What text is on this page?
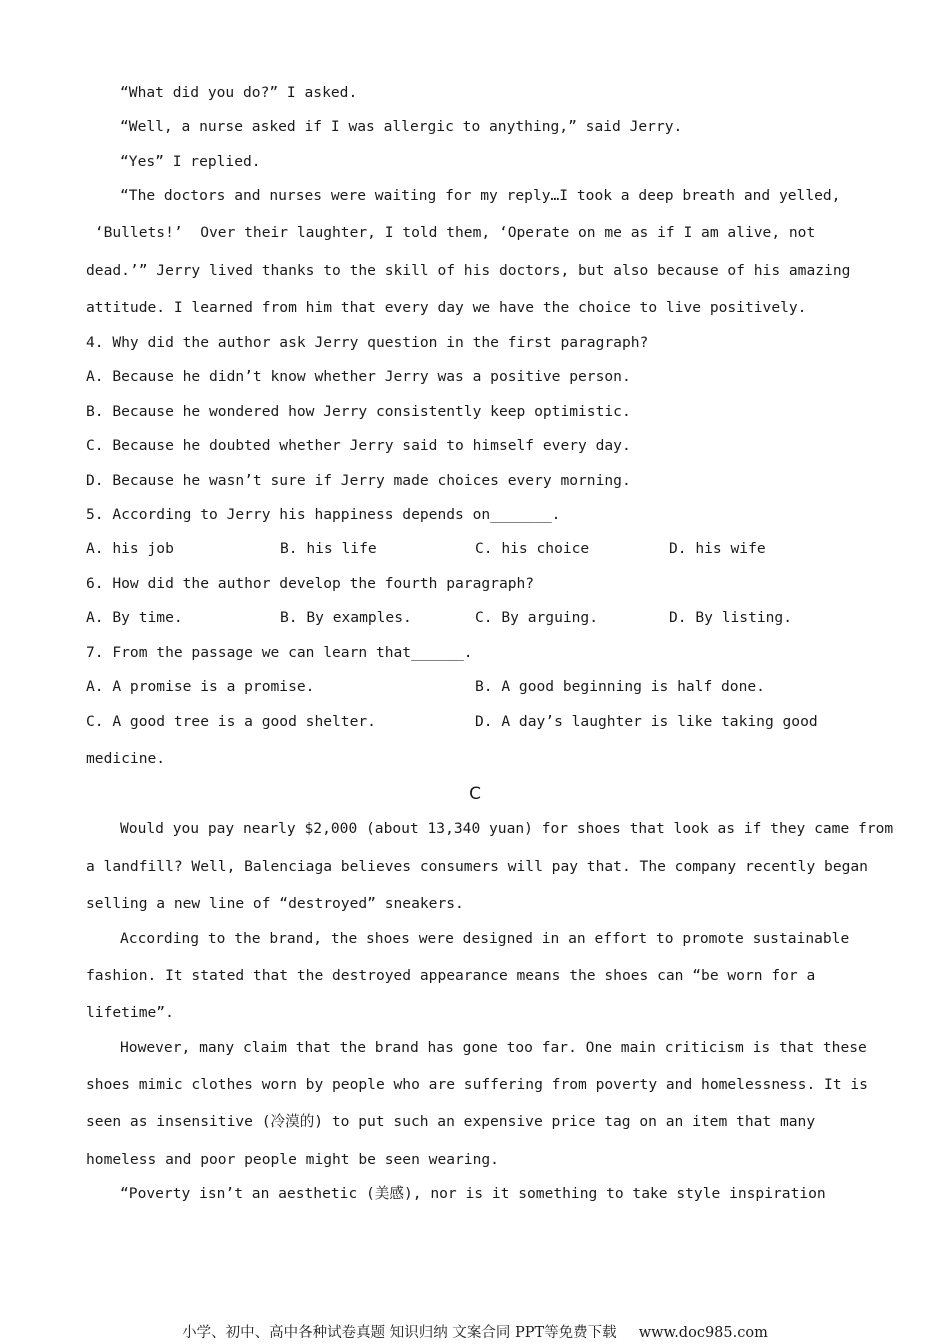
“What did you do?” I asked.
“Well, a nurse asked if I was allergic to anything,” said Jerry.
“Yes” I replied.
“The doctors and nurses were waiting for my reply…I took a deep breath and yelled,
‘Bullets!’  Over their laughter, I told them, ‘Operate on me as if I am alive, not
dead.’” Jerry lived thanks to the skill of his doctors, but also because of his amazing
attitude. I learned from him that every day we have the choice to live positively.
4. Why did the author ask Jerry question in the first paragraph?
A. Because he didn’t know whether Jerry was a positive person.
B. Because he wondered how Jerry consistently keep optimistic.
C. Because he doubted whether Jerry said to himself every day.
D. Because he wasn’t sure if Jerry made choices every morning.
5. According to Jerry his happiness depends on_______.

A. his job

	B. his life

	C. his choice

	D. his wife

6. How did the author develop the fourth paragraph?

A. By time.

	B. By examples.

	C. By arguing.

	D. By listing.

7. From the passage we can learn that______.

A. A promise is a promise.

	B. A good beginning is half done.

C. A good tree is a good shelter.

	D. A day’s laughter is like taking good

medicine.
C
Would you pay nearly $2,000 (about 13,340 yuan) for shoes that look as if they came from
a landfill? Well, Balenciaga believes consumers will pay that. The company recently began
selling a new line of “destroyed” sneakers.
According to the brand, the shoes were designed in an effort to promote sustainable
fashion. It stated that the destroyed appearance means the shoes can “be worn for a
lifetime”.
However, many claim that the brand has gone too far. One main criticism is that these
shoes mimic clothes worn by people who are suffering from poverty and homelessness. It is
seen as insensitive (冷漠的) to put such an expensive price tag on an item that many
homeless and poor people might be seen wearing.
“Poverty isn’t an aesthetic (美感), nor is it something to take style inspiration
小学、初中、高中各种试卷真题 知识归纳 文案合同 PPT等免费下载 www.doc985.com
